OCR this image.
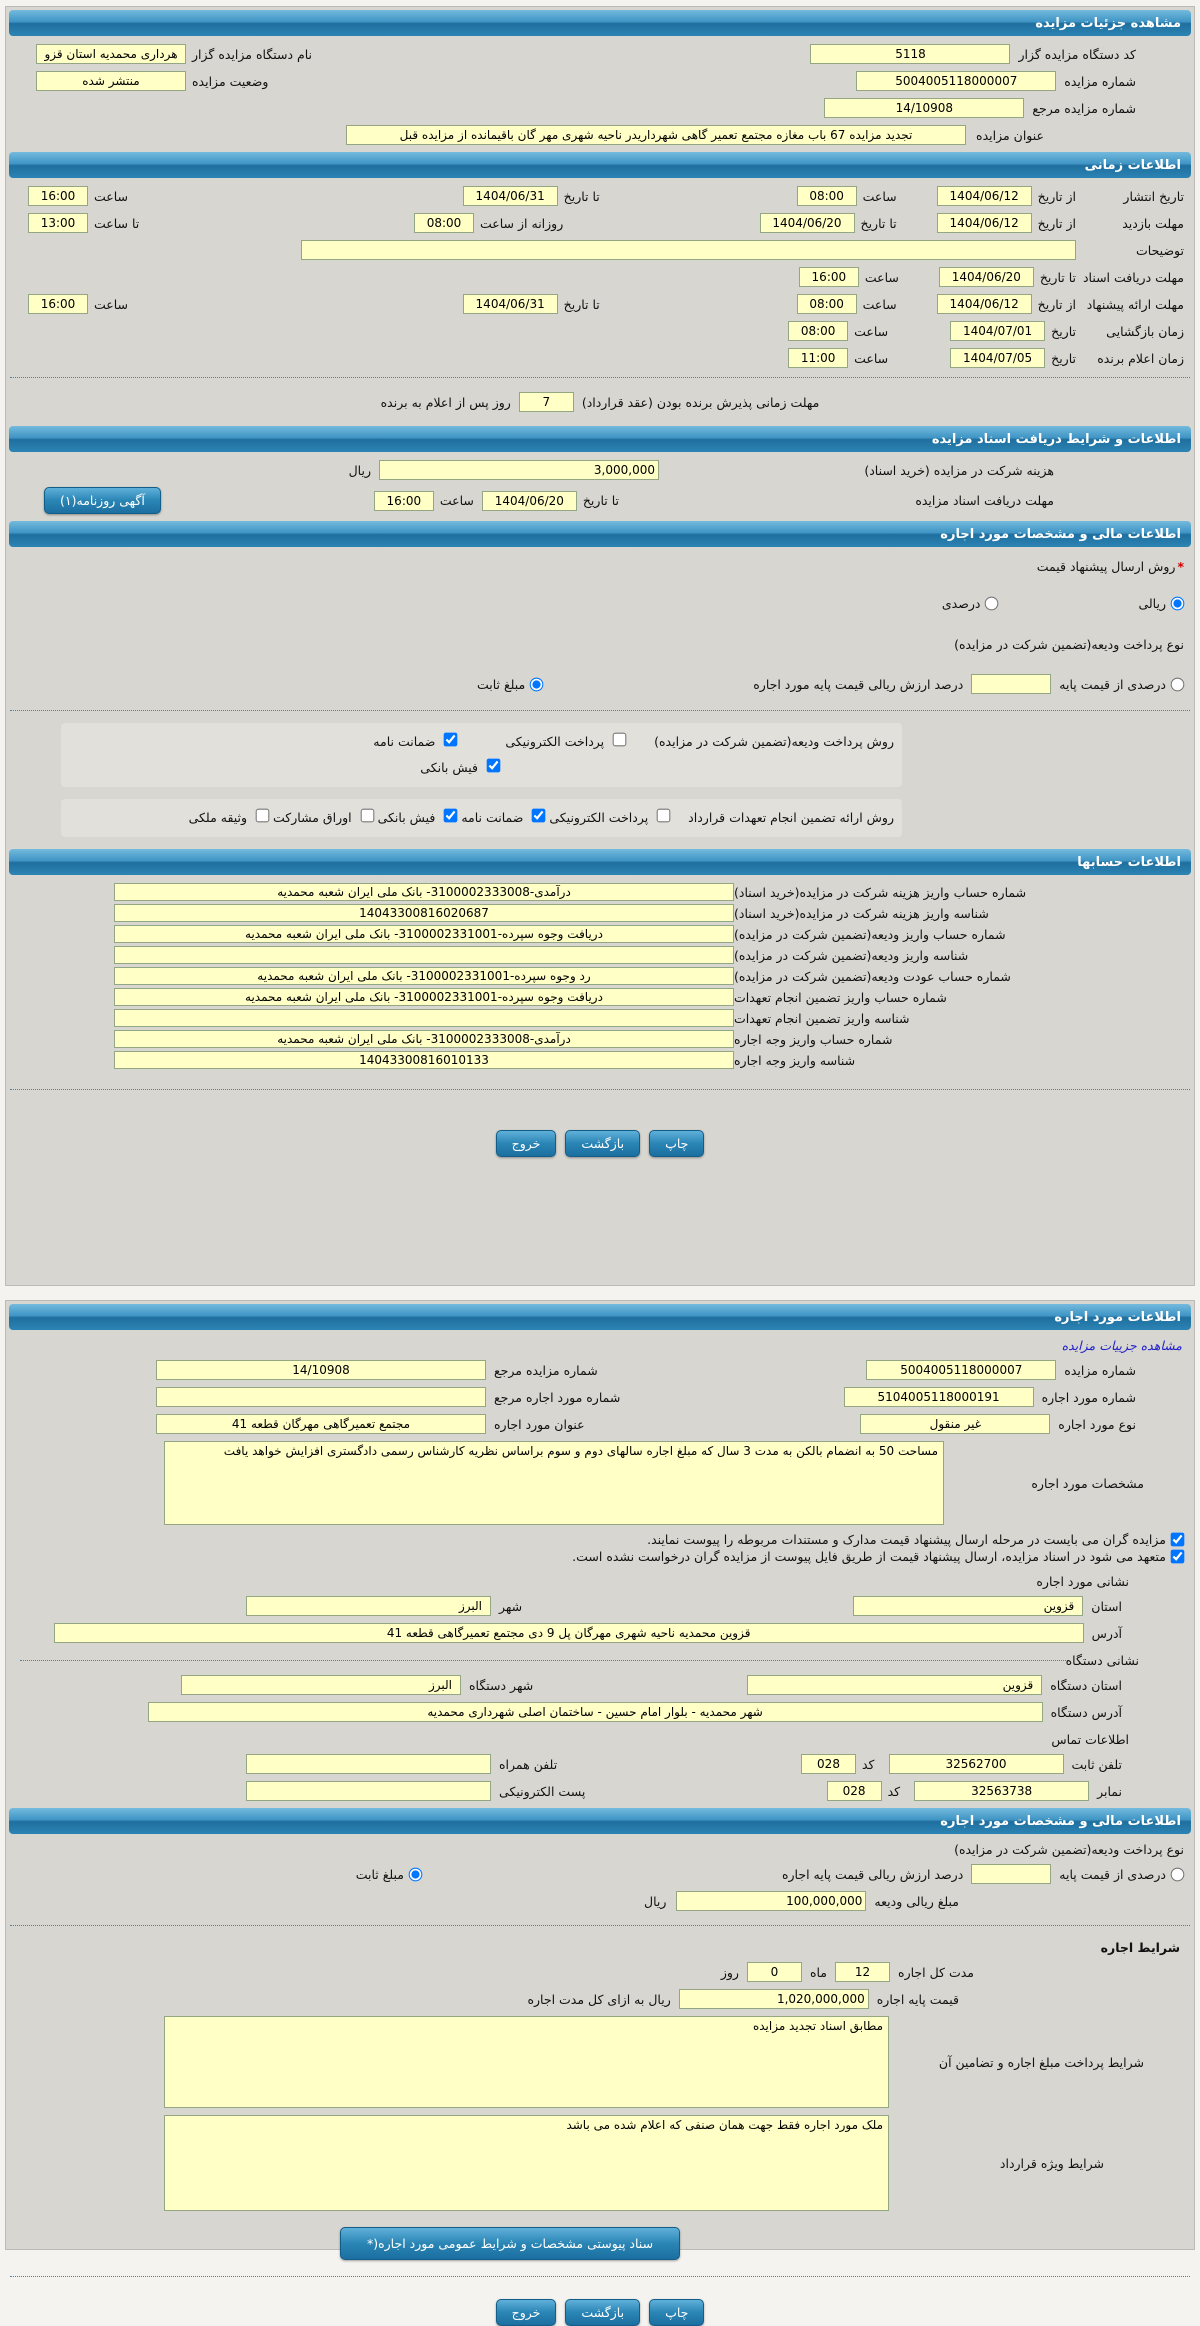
مشاهده جزئیات مزایده
کد دستگاه مزایده گزار
5118
نام دستگاه مزایده گزار
هرداری محمدیه استان قزو
شماره مزایده
5004005118000007
وضعیت مزایده
منتشر شده
شماره مزایده مرجع
14/10908
عنوان مزایده
تجدید مزایده 67 باب مغازه مجتمع تعمیر گاهی شهرداریدر ناحیه شهری مهر گان باقیمانده از مزایده قبل
اطلاعات زمانی
تاریخ انتشار
از تاریخ
1404/06/12
ساعت
08:00
تا تاریخ
1404/06/31
ساعت
16:00
مهلت بازدید
از تاریخ
1404/06/12
تا تاریخ
1404/06/20
روزانه از ساعت
08:00
تا ساعت
13:00
توضیحات
مهلت دریافت اسناد
تا تاریخ
1404/06/20
ساعت
16:00
مهلت ارائه پیشنهاد
از تاریخ
1404/06/12
ساعت
08:00
تا تاریخ
1404/06/31
ساعت
16:00
زمان بازگشایی
تاریخ
1404/07/01
ساعت
08:00
زمان اعلام برنده
تاریخ
1404/07/05
ساعت
11:00
مهلت زمانی پذیرش برنده بودن (عقد قرارداد)
7
روز پس از اعلام به برنده
اطلاعات و شرایط دریافت اسناد مزایده
هزینه شرکت در مزایده (خرید اسناد)
3,000,000
ریال
مهلت دریافت اسناد مزایده
تا تاریخ
1404/06/20
ساعت
16:00
آگهی روزنامه(۱)
اطلاعات مالی و مشخصات مورد اجاره
*
روش ارسال پیشنهاد قیمت
ریالی
درصدی
نوع پرداخت ودیعه(تضمین شرکت در مزایده)
درصدی از قیمت پایه
درصد ارزش ریالی قیمت پایه مورد اجاره
مبلغ ثابت
روش پرداخت ودیعه(تضمین شرکت در مزایده)   پرداخت الکترونیکی   ضمانت نامه
فیش بانکی
روش ارائه تضمین انجام تعهدات قرارداد   پرداخت الکترونیکی  ضمانت نامه  فیش بانکی  اوراق مشارکت  وثیقه ملکی
اطلاعات حسابها
شماره حساب واریز هزینه شرکت در مزایده(خرید اسناد)
درآمدی-3100002333008- بانک ملی ایران شعبه محمدیه
شناسه واریز هزینه شرکت در مزایده(خرید اسناد)
14043300816020687
شماره حساب واریز ودیعه(تضمین شرکت در مزایده)
دریافت وجوه سپرده-3100002331001- بانک ملی ایران شعبه محمدیه
شناسه واریز ودیعه(تضمین شرکت در مزایده)
شماره حساب عودت ودیعه(تضمین شرکت در مزایده)
رد وجوه سپرده-3100002331001- بانک ملی ایران شعبه محمدیه
شماره حساب واریز تضمین انجام تعهدات
دریافت وجوه سپرده-3100002331001- بانک ملی ایران شعبه محمدیه
شناسه واریز تضمین انجام تعهدات
شماره حساب واریز وجه اجاره
درآمدی-3100002333008- بانک ملی ایران شعبه محمدیه
شناسه واریز وجه اجاره
14043300816010133
چاپ
بازگشت
خروج
اطلاعات مورد اجاره
مشاهده جزییات مزایده
شماره مزایده
5004005118000007
شماره مزایده مرجع
14/10908
شماره مورد اجاره
5104005118000191
شماره مورد اجاره مرجع
نوع مورد اجاره
غیر منقول
عنوان مورد اجاره
مجتمع تعمیرگاهی مهرگان قطعه 41
مشخصات مورد اجاره
مساحت 50 به انضمام بالکن به مدت 3 سال که مبلغ اجاره سالهای دوم و سوم براساس نظریه کارشناس رسمی دادگستری افزایش خواهد یافت
مزایده گران می بایست در مرحله ارسال پیشنهاد قیمت مدارک و مستندات مربوطه را پیوست نمایند.
متعهد می شود در اسناد مزایده، ارسال پیشنهاد قیمت از طریق فایل پیوست از مزایده گران درخواست نشده است.
نشانی مورد اجاره
استان
قزوین
شهر
البرز
آدرس
قزوین محمدیه ناحیه شهری مهرگان پل 9 دی مجتمع تعمیرگاهی قطعه 41
نشانی دستگاه
استان دستگاه
قزوین
شهر دستگاه
البرز
آدرس دستگاه
شهر محمدیه - بلوار امام حسین - ساختمان اصلی شهرداری محمدیه
اطلاعات تماس
تلفن ثابت
32562700
کد
028
تلفن همراه
نمابر
32563738
کد
028
پست الکترونیکی
اطلاعات مالی و مشخصات مورد اجاره
نوع پرداخت ودیعه(تضمین شرکت در مزایده)
درصدی از قیمت پایه
درصد ارزش ریالی قیمت پایه اجاره
مبلغ ثابت
مبلغ ریالی ودیعه
100,000,000
ریال
شرایط اجاره
مدت کل اجاره
12
ماه
0
روز
قیمت پایه اجاره
1,020,000,000
ریال به ازای کل مدت اجاره
شرایط پرداخت مبلغ اجاره و تضامین آن
مطابق اسناد تجدید مزایده
شرایط ویژه قرارداد
ملک مورد اجاره فقط جهت همان صنفی که اعلام شده می باشد
سناد پیوستی مشخصات و شرایط عمومی مورد اجاره(*
چاپ
بازگشت
خروج
